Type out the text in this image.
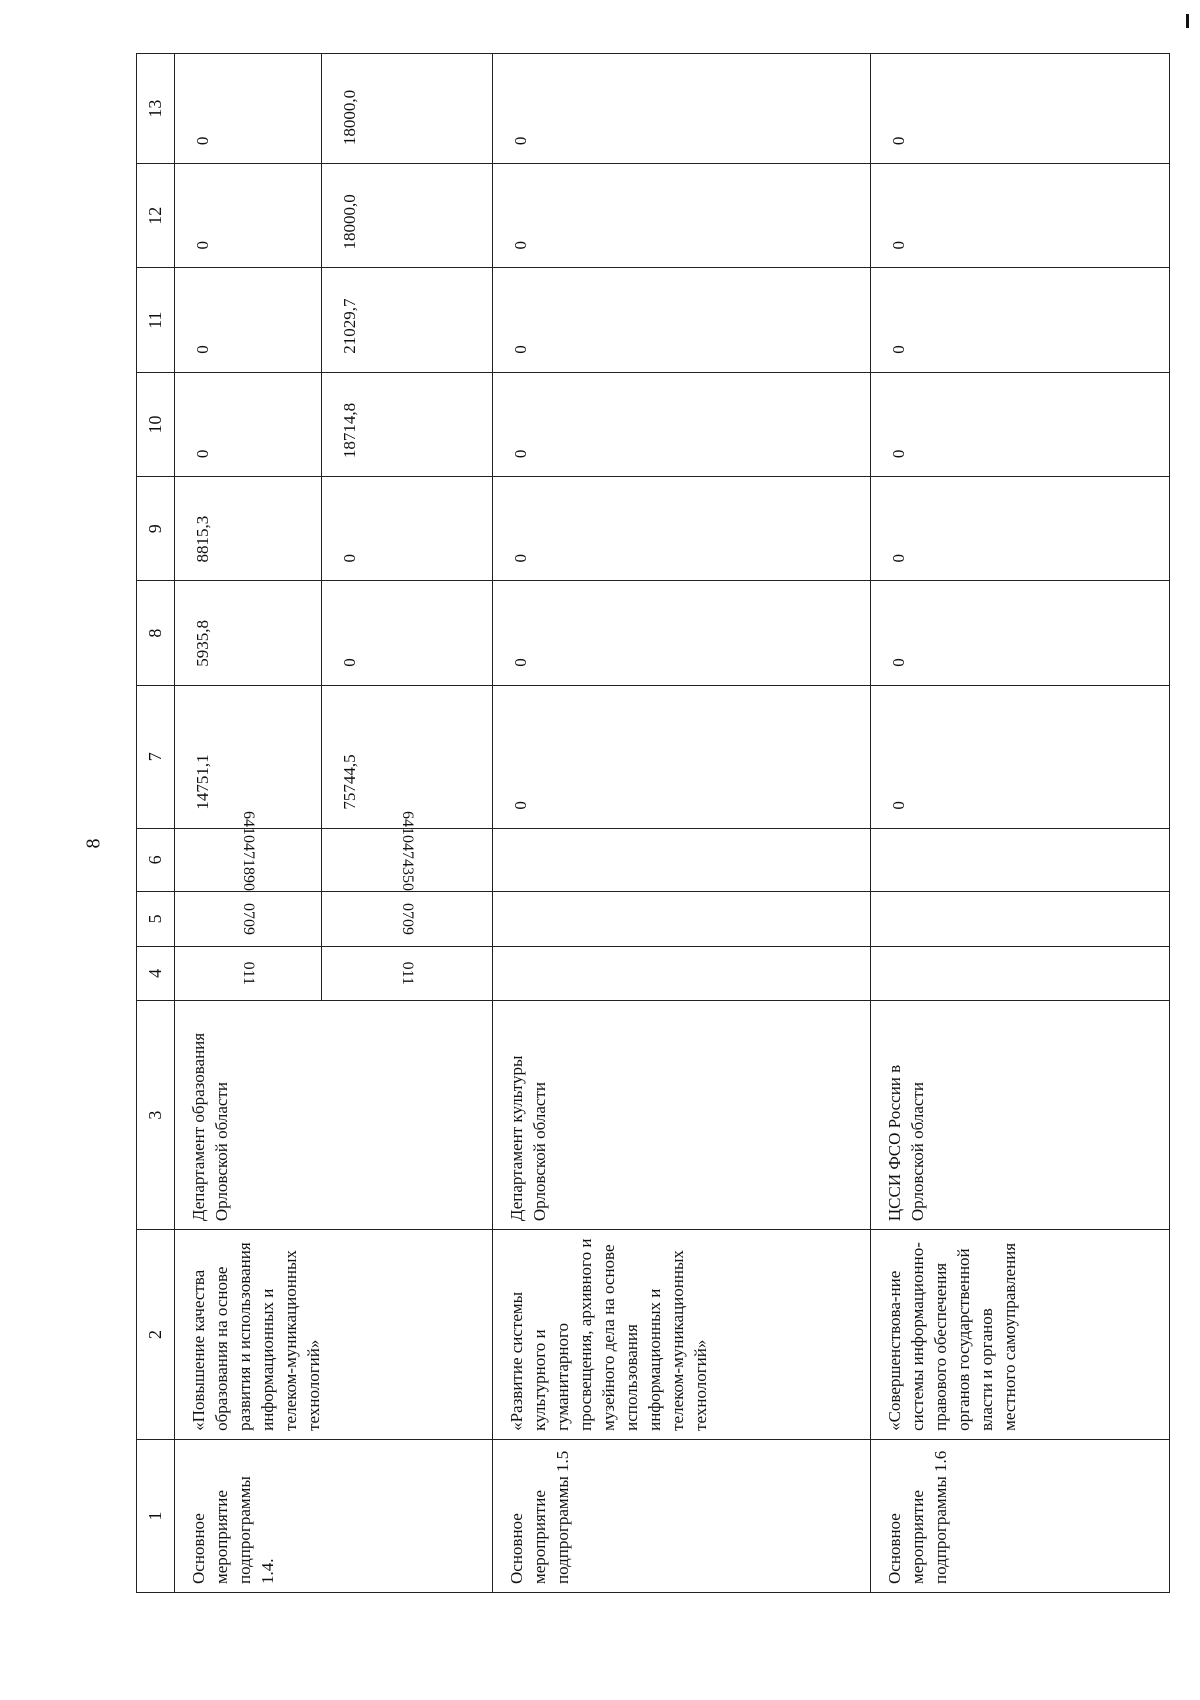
8
1	2	3	4	5	6	7	8	9	10	11	12	13
Основное мероприятие подпрограммы 1.4.	«Повышение качества образования на основе развития и использования информационных и телеком-муникационных технологий»	Департамент образования Орловской области	011	0709	6410471890	14751,1	5935,8	8815,3	0	0	0	0
			011	0709	6410474350	75744,5	0	0	18714,8	21029,7	18000,0	18000,0
Основное мероприятие подпрограммы 1.5	«Развитие системы культурного и гуманитарного просвещения, архивного и музейного дела на основе использования информационных и телеком-муникационных технологий»	Департамент культуры Орловской области				0	0	0	0	0	0	0
Основное мероприятие подпрограммы 1.6	«Совершенствова-ние системы информационно-правового обеспечения органов государственной власти и органов местного самоуправления	ЦССИ ФСО России в Орловской области				0	0	0	0	0	0	0
